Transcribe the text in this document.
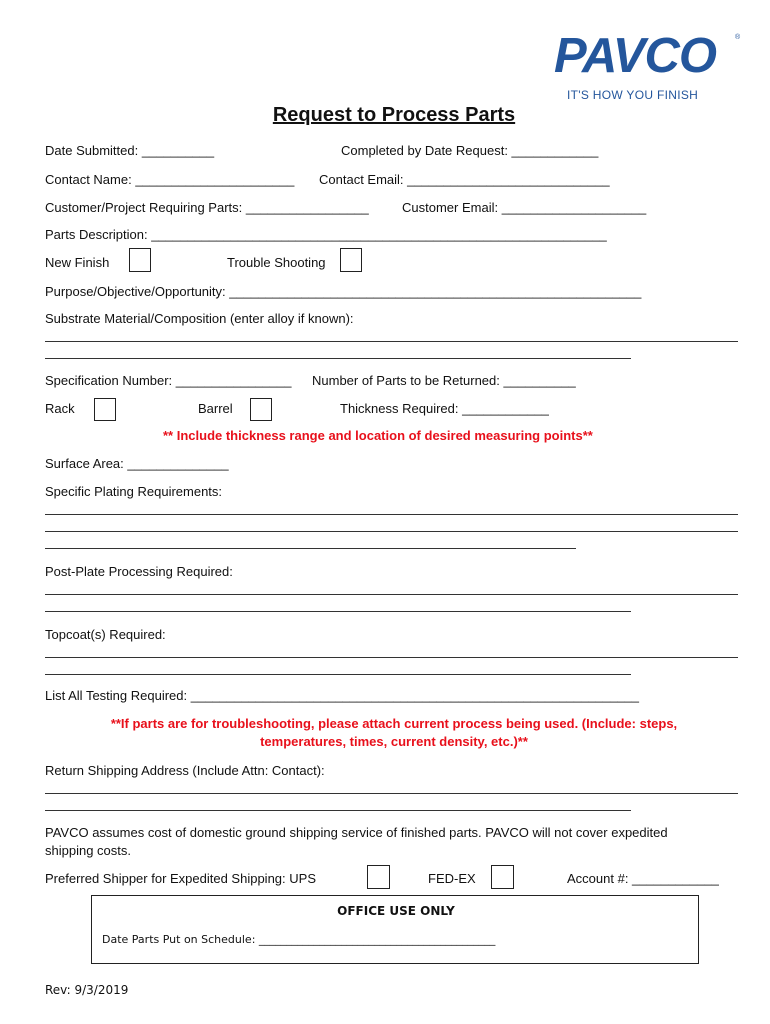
PAVCO	®
IT'S HOW YOU FINISH
Request to Process Parts
Date Submitted: __________	Completed by Date Request: ____________
Contact Name: ______________________ Contact Email: ____________________________
Customer/Project Requiring Parts: _________________	Customer Email: ____________________
Parts Description: _______________________________________________________________
New Finish	Trouble Shooting
Purpose/Objective/Opportunity: _________________________________________________________
Substrate Material/Composition (enter alloy if known):
Specification Number: ________________ Number of Parts to be Returned: __________
Rack	Barrel	Thickness Required: ____________
** Include thickness range and location of desired measuring points**
Surface Area: ______________
Specific Plating Requirements:
Post-Plate Processing Required:
Topcoat(s) Required:
List All Testing Required: ______________________________________________________________
**If parts are for troubleshooting, please attach current process being used. (Include: steps,
temperatures, times, current density, etc.)**
Return Shipping Address (Include Attn: Contact):
PAVCO assumes cost of domestic ground shipping service of finished parts. PAVCO will not cover expedited
shipping costs.
Preferred Shipper for Expedited Shipping: UPS	FED-EX	Account #: ____________
OFFICE USE ONLY
Date Parts Put on Schedule: ___________________________________________
Rev: 9/3/2019
